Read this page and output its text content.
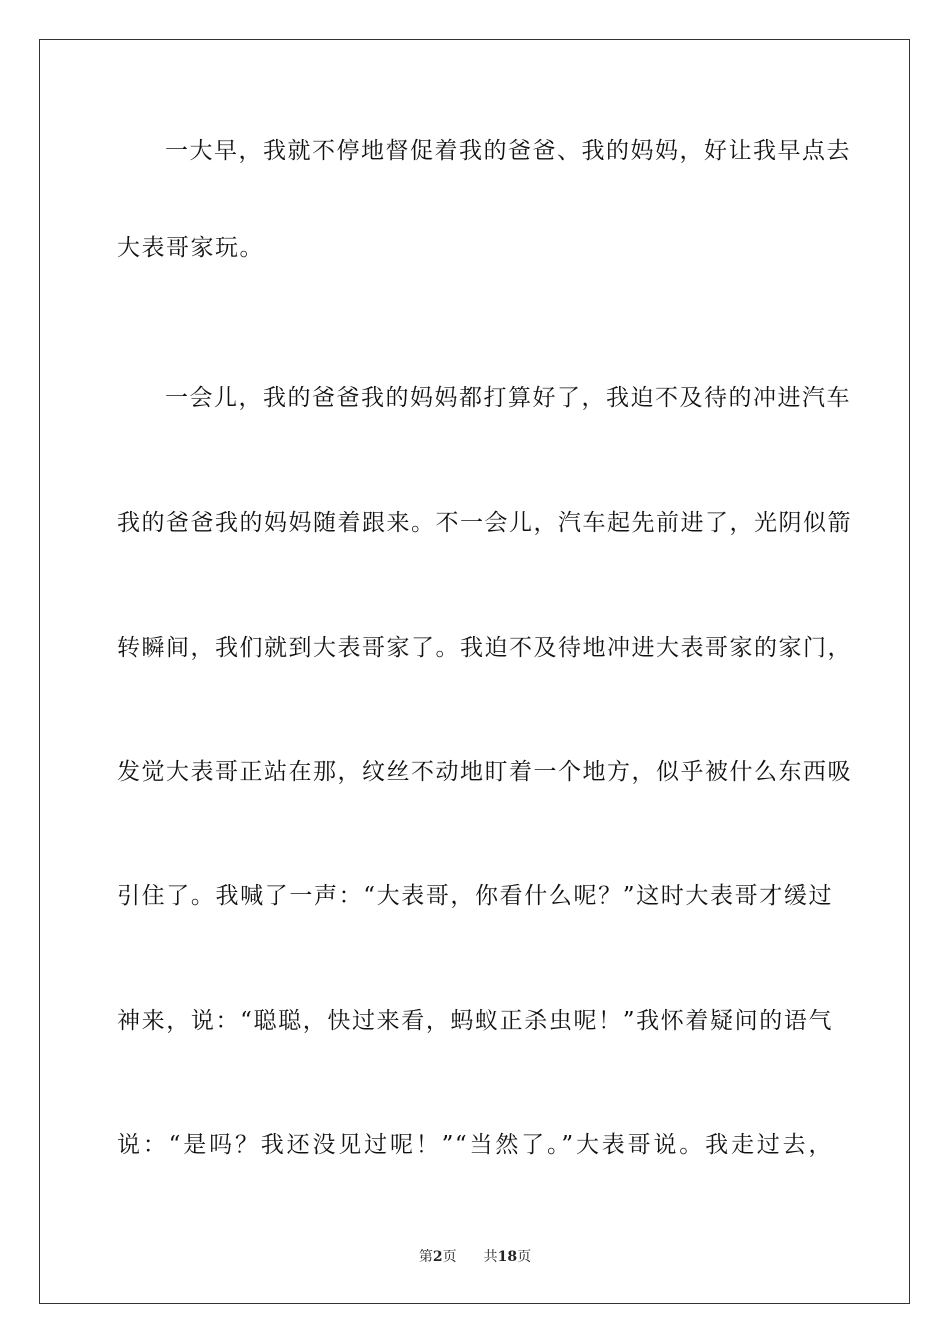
一大早，我就不停地督促着我的爸爸、我的妈妈，好让我早点去
大表哥家玩。
一会儿，我的爸爸我的妈妈都打算好了，我迫不及待的冲进汽车
我的爸爸我的妈妈随着跟来。不一会儿，汽车起先前进了，光阴似箭
转瞬间，我们就到大表哥家了。我迫不及待地冲进大表哥家的家门，
发觉大表哥正站在那，纹丝不动地盯着一个地方，似乎被什么东西吸
引住了。我喊了一声：“大表哥，你看什么呢？”这时大表哥才缓过
神来，说：“聪聪，快过来看，蚂蚁正杀虫呢！”我怀着疑问的语气
说：“是吗？我还没见过呢！”“当然了。”大表哥说。我走过去，
第2页 共18页
